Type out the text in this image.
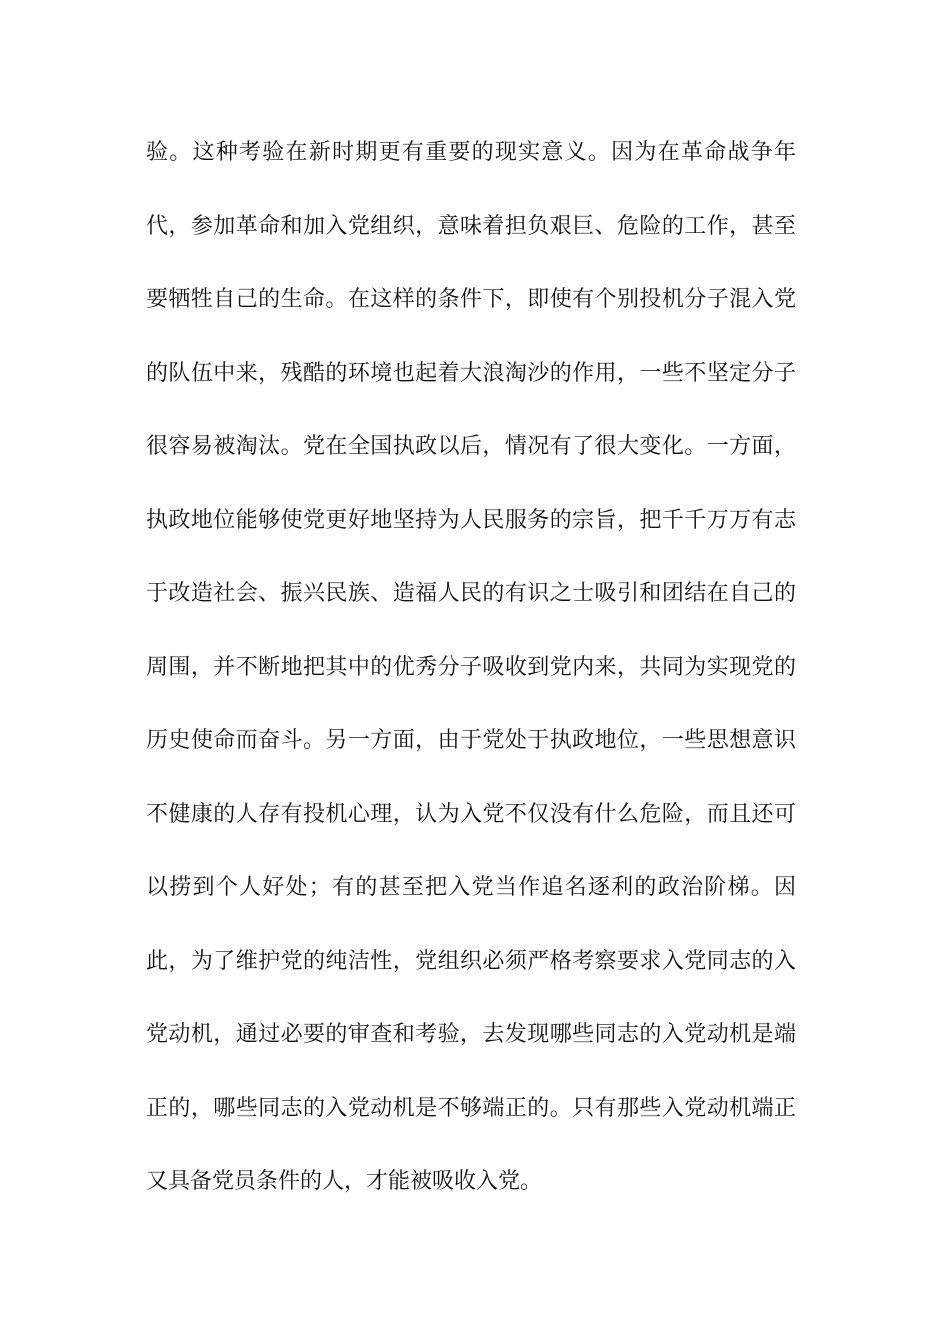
验。这种考验在新时期更有重要的现实意义。因为在革命战争年
代，参加革命和加入党组织，意味着担负艰巨、危险的工作，甚至
要牺牲自己的生命。在这样的条件下，即使有个别投机分子混入党
的队伍中来，残酷的环境也起着大浪淘沙的作用，一些不坚定分子
很容易被淘汰。党在全国执政以后，情况有了很大变化。一方面，
执政地位能够使党更好地坚持为人民服务的宗旨，把千千万万有志
于改造社会、振兴民族、造福人民的有识之士吸引和团结在自己的
周围，并不断地把其中的优秀分子吸收到党内来，共同为实现党的
历史使命而奋斗。另一方面，由于党处于执政地位，一些思想意识
不健康的人存有投机心理，认为入党不仅没有什么危险，而且还可
以捞到个人好处；有的甚至把入党当作追名逐利的政治阶梯。因
此，为了维护党的纯洁性，党组织必须严格考察要求入党同志的入
党动机，通过必要的审查和考验，去发现哪些同志的入党动机是端
正的，哪些同志的入党动机是不够端正的。只有那些入党动机端正
又具备党员条件的人，才能被吸收入党。
